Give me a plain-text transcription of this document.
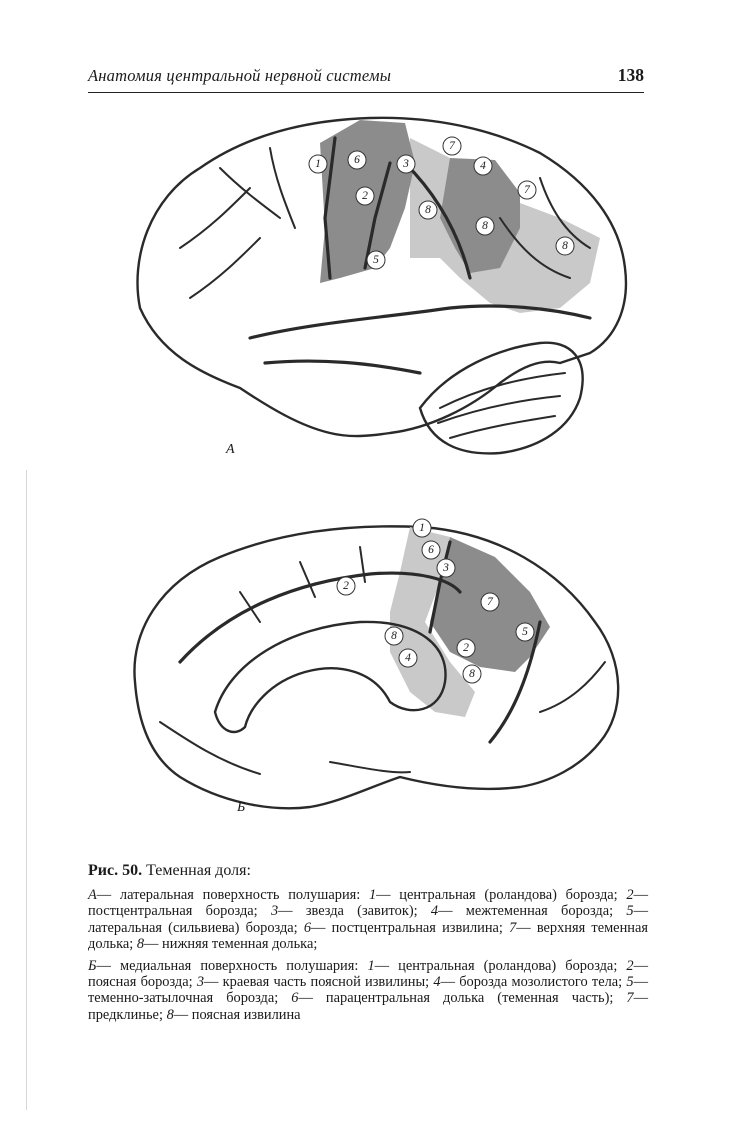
Анатомия центральной нервной системы	138
1	6	3
7
4
7
2
8
8
8
5
А
1
6
3
2
7
5
8
4
2
8
Б
Рис. 50. Теменная доля:

А— латеральная поверхность полушария: 1— центральная (роландова) борозда; 2— постцентральная борозда; 3— звезда (завиток); 4— межтеменная борозда; 5— латеральная (сильвиева) борозда; 6— постцентральная извилина; 7— верхняя теменная долька; 8— нижняя теменная долька;

Б— медиальная поверхность полушария: 1— центральная (роландова) борозда; 2— поясная борозда; 3— краевая часть поясной извилины; 4— борозда мозолистого тела; 5— теменно-затылочная борозда; 6— парацентральная долька (теменная часть); 7— предклинье; 8— поясная извилина
